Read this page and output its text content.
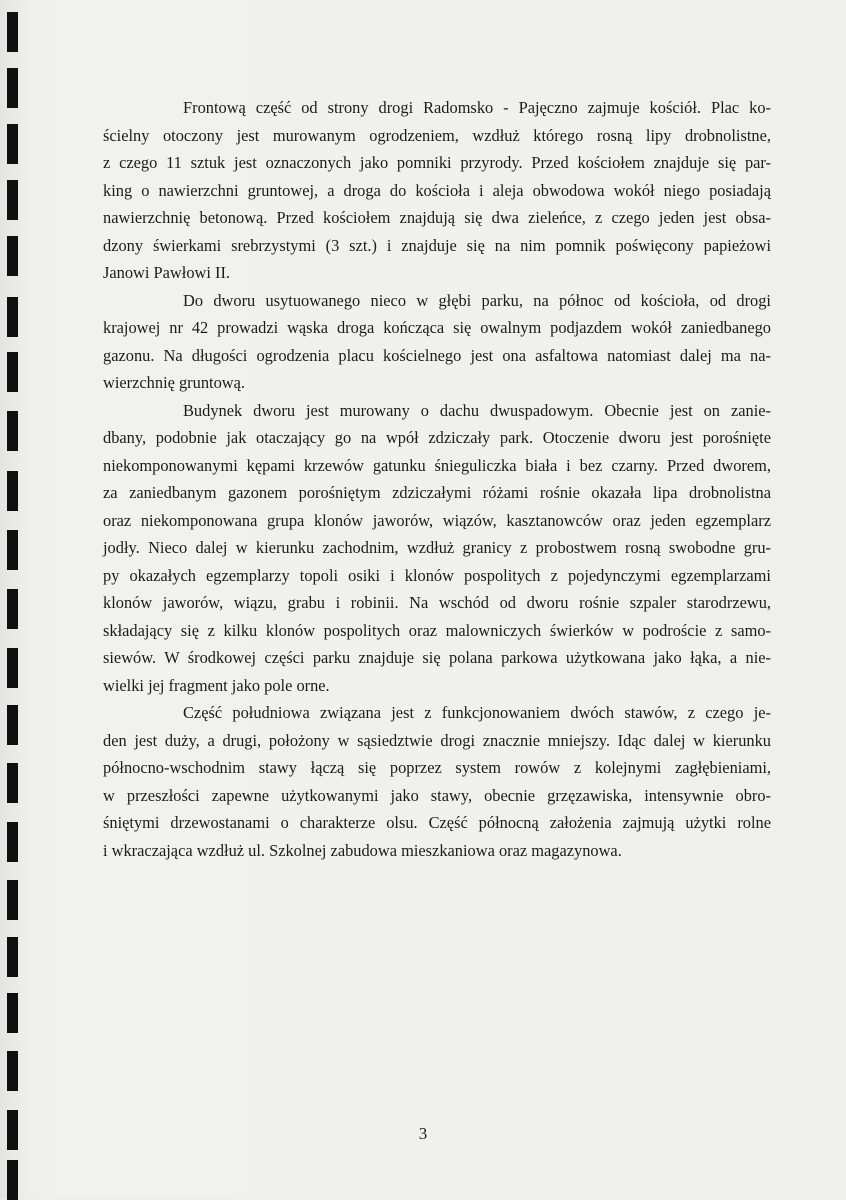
Frontową część od strony drogi Radomsko - Pajęczno zajmuje kościół. Plac ko-
ścielny otoczony jest murowanym ogrodzeniem, wzdłuż którego rosną lipy drobnolistne,
z czego 11 sztuk jest oznaczonych jako pomniki przyrody. Przed kościołem znajduje się par-
king o nawierzchni gruntowej, a droga do kościoła i aleja obwodowa wokół niego posiadają
nawierzchnię betonową. Przed kościołem znajdują się dwa zieleńce, z czego jeden jest obsa-
dzony świerkami srebrzystymi (3 szt.) i znajduje się na nim pomnik poświęcony papieżowi
Janowi Pawłowi II.

Do dworu usytuowanego nieco w głębi parku, na północ od kościoła, od drogi
krajowej nr 42 prowadzi wąska droga kończąca się owalnym podjazdem wokół zaniedbanego
gazonu. Na długości ogrodzenia placu kościelnego jest ona asfaltowa natomiast dalej ma na-
wierzchnię gruntową.

Budynek dworu jest murowany o dachu dwuspadowym. Obecnie jest on zanie-
dbany, podobnie jak otaczający go na wpół zdziczały park. Otoczenie dworu jest porośnięte
niekomponowanymi kępami krzewów gatunku śnieguliczka biała i bez czarny. Przed dworem,
za zaniedbanym gazonem porośniętym zdziczałymi różami rośnie okazała lipa drobnolistna
oraz niekomponowana grupa klonów jaworów, wiązów, kasztanowców oraz jeden egzemplarz
jodły. Nieco dalej w kierunku zachodnim, wzdłuż granicy z probostwem rosną swobodne gru-
py okazałych egzemplarzy topoli osiki i klonów pospolitych z pojedynczymi egzemplarzami
klonów jaworów, wiązu, grabu i robinii. Na wschód od dworu rośnie szpaler starodrzewu,
składający się z kilku klonów pospolitych oraz malowniczych świerków w podroście z samo-
siewów. W środkowej części parku znajduje się polana parkowa użytkowana jako łąka, a nie-
wielki jej fragment jako pole orne.

Część południowa związana jest z funkcjonowaniem dwóch stawów, z czego je-
den jest duży, a drugi, położony w sąsiedztwie drogi znacznie mniejszy. Idąc dalej w kierunku
północno-wschodnim stawy łączą się poprzez system rowów z kolejnymi zagłębieniami,
w przeszłości zapewne użytkowanymi jako stawy, obecnie grzęzawiska, intensywnie obro-
śniętymi drzewostanami o charakterze olsu. Część północną założenia zajmują użytki rolne
i wkraczająca wzdłuż ul. Szkolnej zabudowa mieszkaniowa oraz magazynowa.

3
